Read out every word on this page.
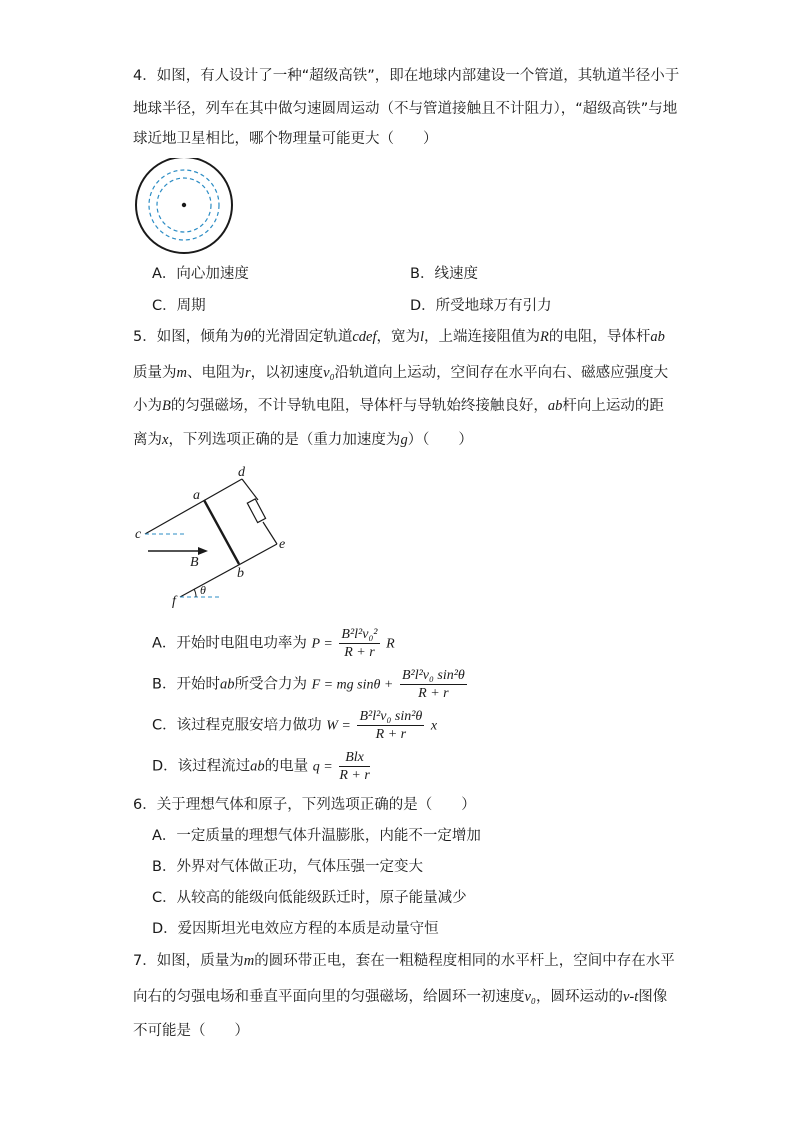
4．如图，有人设计了一种“超级高铁”，即在地球内部建设一个管道，其轨道半径小于
地球半径，列车在其中做匀速圆周运动（不与管道接触且不计阻力），“超级高铁”与地
球近地卫星相比，哪个物理量可能更大（　　）
A．向心加速度	B．线速度
C．周期	D．所受地球万有引力
5．如图，倾角为θ的光滑固定轨道cdef，宽为l，上端连接阻值为R的电阻，导体杆ab
质量为m、电阻为r，以初速度v₀沿轨道向上运动，空间存在水平向右、磁感应强度大
小为B的匀强磁场，不计导轨电阻，导体杆与导轨始终接触良好，ab杆向上运动的距
离为x，下列选项正确的是（重力加速度为g）（　　）
d
a
c
e
B
b
θ
f
A．开始时电阻电功率为 $P = \frac{\text{B²l²v₀²}}{R + r}$ R
B．开始时ab所受合力为 F = mg $\sin\theta + \frac{\text{B²l²v₀ sin²θ}}{R + r}$
C．该过程克服安培力做功 $W = \frac{\text{B²l²v₀ sin²θ}}{R + r}$ x
D．该过程流过ab的电量 $q = \frac{\text{Blx}}{R + r}$
6．关于理想气体和原子，下列选项正确的是（　　）
A．一定质量的理想气体升温膨胀，内能不一定增加
B．外界对气体做正功，气体压强一定变大
C．从较高的能级向低能级跃迁时，原子能量减少
D．爱因斯坦光电效应方程的本质是动量守恒
7．如图，质量为m的圆环带正电，套在一粗糙程度相同的水平杆上，空间中存在水平
向右的匀强电场和垂直平面向里的匀强磁场，给圆环一初速度v₀，圆环运动的v-t图像
不可能是（　　）
